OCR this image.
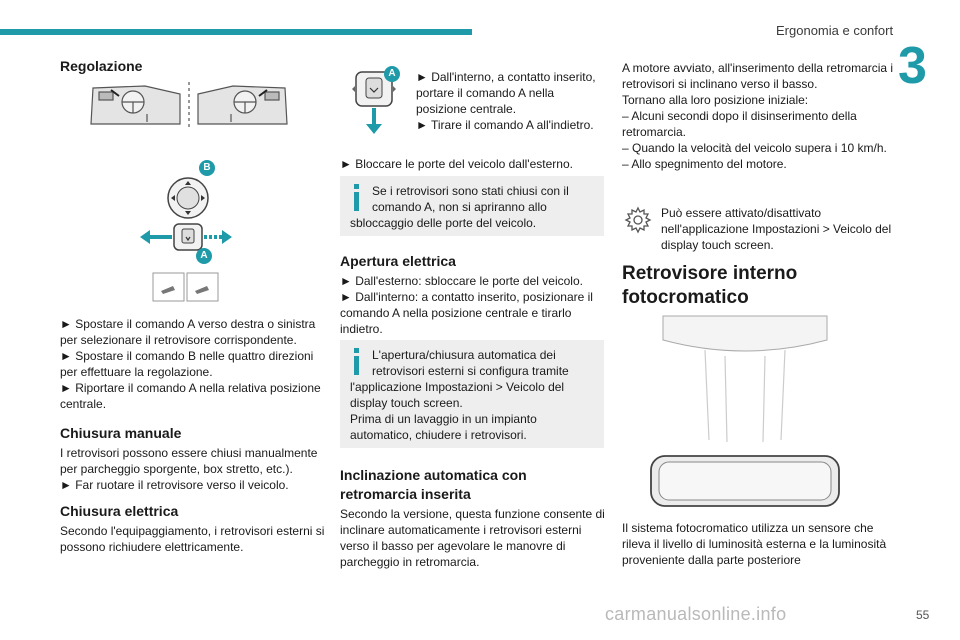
Ergonomia e confort
3
Regolazione
B
A

► Spostare il comando A verso destra o sinistra per selezionare il retrovisore corrispondente.

► Spostare il comando B nelle quattro direzioni per effettuare la regolazione.

► Riportare il comando A nella relativa posizione centrale.

Chiusura manuale

I retrovisori possono essere chiusi manualmente per parcheggio sporgente, box stretto, etc.).

► Far ruotare il retrovisore verso il veicolo.

Chiusura elettrica

Secondo l'equipaggiamento, i retrovisori esterni si possono richiudere elettricamente.

A	► Dall'interno, a contatto inserito, portare il comando A nella posizione centrale.

► Tirare il comando A all'indietro.

► Bloccare le porte del veicolo dall'esterno.

Se i retrovisori sono stati chiusi con il comando A, non si apriranno allo sbloccaggio delle porte del veicolo.
Apertura elettrica

► Dall'esterno: sbloccare le porte del veicolo.

► Dall'interno: a contatto inserito, posizionare il comando A nella posizione centrale e tirarlo indietro.

L'apertura/chiusura automatica dei retrovisori esterni si configura tramite l'applicazione Impostazioni > Veicolo del display touch screen.
Prima di un lavaggio in un impianto automatico, chiudere i retrovisori.
Inclinazione automatica con retromarcia inserita

Secondo la versione, questa funzione consente di inclinare automaticamente i retrovisori esterni verso il basso per agevolare le manovre di parcheggio in retromarcia.

A motore avviato, all'inserimento della retromarcia i retrovisori si inclinano verso il basso.

Tornano alla loro posizione iniziale:

– Alcuni secondi dopo il disinserimento della retromarcia.

– Quando la velocità del veicolo supera i 10 km/h.

– Allo spegnimento del motore.

Può essere attivato/disattivato nell'applicazione Impostazioni > Veicolo del display touch screen.

Retrovisore interno fotocromatico

Il sistema fotocromatico utilizza un sensore che rileva il livello di luminosità esterna e la luminosità proveniente dalla parte posteriore

carmanualsonline.info	55
